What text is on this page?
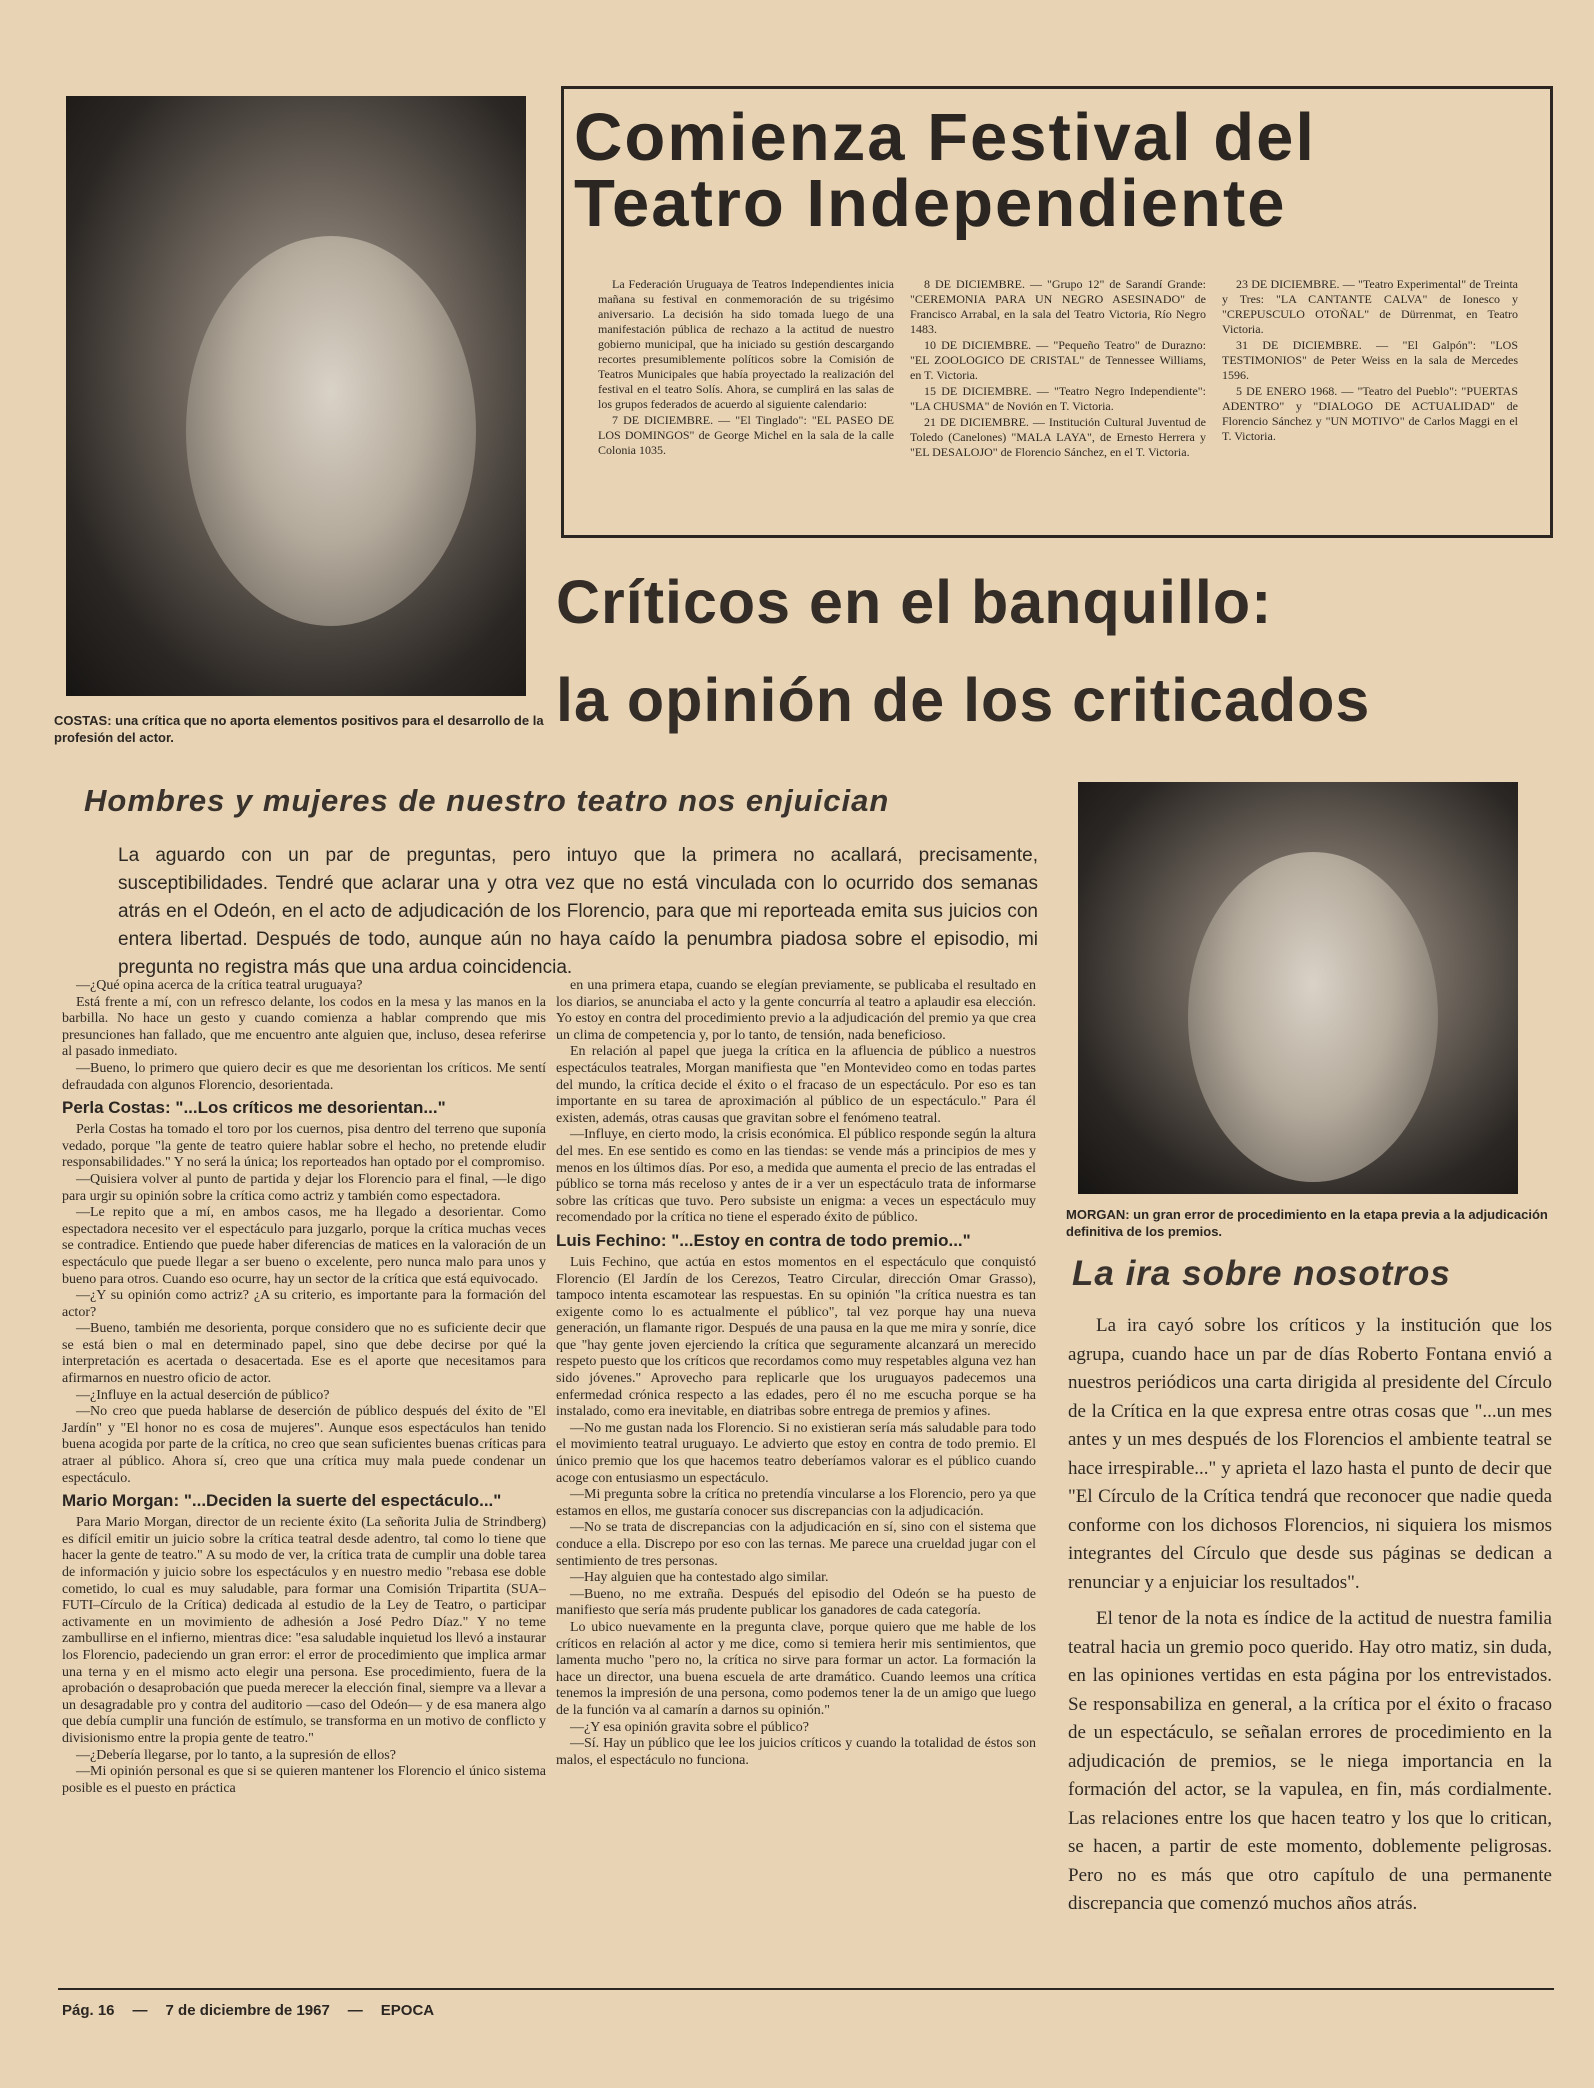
COSTAS: una crítica que no aporta elementos positivos para el desarrollo de la profesión del actor.
Comienza Festival del
Teatro Independiente

La Federación Uruguaya de Teatros Independientes inicia mañana su festival en conmemoración de su trigésimo aniversario. La decisión ha sido tomada luego de una manifestación pública de rechazo a la actitud de nuestro gobierno municipal, que ha iniciado su gestión descargando recortes presumiblemente políticos sobre la Comisión de Teatros Municipales que había proyectado la realización del festival en el teatro Solís. Ahora, se cumplirá en las salas de los grupos federados de acuerdo al siguiente calendario:

7 DE DICIEMBRE. — "El Tinglado": "EL PASEO DE LOS DOMINGOS" de George Michel en la sala de la calle Colonia 1035.

8 DE DICIEMBRE. — "Grupo 12" de Sarandí Grande: "CEREMONIA PARA UN NEGRO ASESINADO" de Francisco Arrabal, en la sala del Teatro Victoria, Río Negro 1483.

10 DE DICIEMBRE. — "Pequeño Teatro" de Durazno: "EL ZOOLOGICO DE CRISTAL" de Tennessee Williams, en T. Victoria.

15 DE DICIEMBRE. — "Teatro Negro Independiente": "LA CHUSMA" de Novión en T. Victoria.

21 DE DICIEMBRE. — Institución Cultural Juventud de Toledo (Canelones) "MALA LAYA", de Ernesto Herrera y "EL DESALOJO" de Florencio Sánchez, en el T. Victoria.

23 DE DICIEMBRE. — "Teatro Experimental" de Treinta y Tres: "LA CANTANTE CALVA" de Ionesco y "CREPUSCULO OTOÑAL" de Dürrenmat, en Teatro Victoria.

31 DE DICIEMBRE. — "El Galpón": "LOS TESTIMONIOS" de Peter Weiss en la sala de Mercedes 1596.

5 DE ENERO 1968. — "Teatro del Pueblo": "PUERTAS ADENTRO" y "DIALOGO DE ACTUALIDAD" de Florencio Sánchez y "UN MOTIVO" de Carlos Maggi en el T. Victoria.

Críticos en el banquillo:
la opinión de los criticados
Hombres y mujeres de nuestro teatro nos enjuician
La aguardo con un par de preguntas, pero intuyo que la primera no acallará, precisamente, susceptibilidades. Tendré que aclarar una y otra vez que no está vinculada con lo ocurrido dos semanas atrás en el Odeón, en el acto de adjudicación de los Florencio, para que mi reporteada emita sus juicios con entera libertad. Después de todo, aunque aún no haya caído la penumbra piadosa sobre el episodio, mi pregunta no registra más que una ardua coincidencia.
MORGAN: un gran error de procedimiento en la etapa previa a la adjudicación definitiva de los premios.

—¿Qué opina acerca de la crítica teatral uruguaya?

Está frente a mí, con un refresco delante, los codos en la mesa y las manos en la barbilla. No hace un gesto y cuando comienza a hablar comprendo que mis presunciones han fallado, que me encuentro ante alguien que, incluso, desea referirse al pasado inmediato.

—Bueno, lo primero que quiero decir es que me desorientan los críticos. Me sentí defraudada con algunos Florencio, desorientada.

Perla Costas: "...Los críticos me desorientan..."

Perla Costas ha tomado el toro por los cuernos, pisa dentro del terreno que suponía vedado, porque "la gente de teatro quiere hablar sobre el hecho, no pretende eludir responsabilidades." Y no será la única; los reporteados han optado por el compromiso.

—Quisiera volver al punto de partida y dejar los Florencio para el final, —le digo para urgir su opinión sobre la crítica como actriz y también como espectadora.

—Le repito que a mí, en ambos casos, me ha llegado a desorientar. Como espectadora necesito ver el espectáculo para juzgarlo, porque la crítica muchas veces se contradice. Entiendo que puede haber diferencias de matices en la valoración de un espectáculo que puede llegar a ser bueno o excelente, pero nunca malo para unos y bueno para otros. Cuando eso ocurre, hay un sector de la crítica que está equivocado.

—¿Y su opinión como actriz? ¿A su criterio, es importante para la formación del actor?

—Bueno, también me desorienta, porque considero que no es suficiente decir que se está bien o mal en determinado papel, sino que debe decirse por qué la interpretación es acertada o desacertada. Ese es el aporte que necesitamos para afirmarnos en nuestro oficio de actor.

—¿Influye en la actual deserción de público?

—No creo que pueda hablarse de deserción de público después del éxito de "El Jardín" y "El honor no es cosa de mujeres". Aunque esos espectáculos han tenido buena acogida por parte de la crítica, no creo que sean suficientes buenas críticas para atraer al público. Ahora sí, creo que una crítica muy mala puede condenar un espectáculo.

Mario Morgan: "...Deciden la suerte del espectáculo..."

Para Mario Morgan, director de un reciente éxito (La señorita Julia de Strindberg) es difícil emitir un juicio sobre la crítica teatral desde adentro, tal como lo tiene que hacer la gente de teatro." A su modo de ver, la crítica trata de cumplir una doble tarea de información y juicio sobre los espectáculos y en nuestro medio "rebasa ese doble cometido, lo cual es muy saludable, para formar una Comisión Tripartita (SUA–FUTI–Círculo de la Crítica) dedicada al estudio de la Ley de Teatro, o participar activamente en un movimiento de adhesión a José Pedro Díaz." Y no teme zambullirse en el infierno, mientras dice: "esa saludable inquietud los llevó a instaurar los Florencio, padeciendo un gran error: el error de procedimiento que implica armar una terna y en el mismo acto elegir una persona. Ese procedimiento, fuera de la aprobación o desaprobación que pueda merecer la elección final, siempre va a llevar a un desagradable pro y contra del auditorio —caso del Odeón— y de esa manera algo que debía cumplir una función de estímulo, se transforma en un motivo de conflicto y divisionismo entre la propia gente de teatro."

—¿Debería llegarse, por lo tanto, a la supresión de ellos?

—Mi opinión personal es que si se quieren mantener los Florencio el único sistema posible es el puesto en práctica

en una primera etapa, cuando se elegían previamente, se publicaba el resultado en los diarios, se anunciaba el acto y la gente concurría al teatro a aplaudir esa elección. Yo estoy en contra del procedimiento previo a la adjudicación del premio ya que crea un clima de competencia y, por lo tanto, de tensión, nada beneficioso.

En relación al papel que juega la crítica en la afluencia de público a nuestros espectáculos teatrales, Morgan manifiesta que "en Montevideo como en todas partes del mundo, la crítica decide el éxito o el fracaso de un espectáculo. Por eso es tan importante en su tarea de aproximación al público de un espectáculo." Para él existen, además, otras causas que gravitan sobre el fenómeno teatral.

—Influye, en cierto modo, la crisis económica. El público responde según la altura del mes. En ese sentido es como en las tiendas: se vende más a principios de mes y menos en los últimos días. Por eso, a medida que aumenta el precio de las entradas el público se torna más receloso y antes de ir a ver un espectáculo trata de informarse sobre las críticas que tuvo. Pero subsiste un enigma: a veces un espectáculo muy recomendado por la crítica no tiene el esperado éxito de público.

Luis Fechino: "...Estoy en contra de todo premio..."

Luis Fechino, que actúa en estos momentos en el espectáculo que conquistó Florencio (El Jardín de los Cerezos, Teatro Circular, dirección Omar Grasso), tampoco intenta escamotear las respuestas. En su opinión "la crítica nuestra es tan exigente como lo es actualmente el público", tal vez porque hay una nueva generación, un flamante rigor. Después de una pausa en la que me mira y sonríe, dice que "hay gente joven ejerciendo la crítica que seguramente alcanzará un merecido respeto puesto que los críticos que recordamos como muy respetables alguna vez han sido jóvenes." Aprovecho para replicarle que los uruguayos padecemos una enfermedad crónica respecto a las edades, pero él no me escucha porque se ha instalado, como era inevitable, en diatribas sobre entrega de premios y afines.

—No me gustan nada los Florencio. Si no existieran sería más saludable para todo el movimiento teatral uruguayo. Le advierto que estoy en contra de todo premio. El único premio que los que hacemos teatro deberíamos valorar es el público cuando acoge con entusiasmo un espectáculo.

—Mi pregunta sobre la crítica no pretendía vincularse a los Florencio, pero ya que estamos en ellos, me gustaría conocer sus discrepancias con la adjudicación.

—No se trata de discrepancias con la adjudicación en sí, sino con el sistema que conduce a ella. Discrepo por eso con las ternas. Me parece una crueldad jugar con el sentimiento de tres personas.

—Hay alguien que ha contestado algo similar.

—Bueno, no me extraña. Después del episodio del Odeón se ha puesto de manifiesto que sería más prudente publicar los ganadores de cada categoría.

Lo ubico nuevamente en la pregunta clave, porque quiero que me hable de los críticos en relación al actor y me dice, como si temiera herir mis sentimientos, que lamenta mucho "pero no, la crítica no sirve para formar un actor. La formación la hace un director, una buena escuela de arte dramático. Cuando leemos una crítica tenemos la impresión de una persona, como podemos tener la de un amigo que luego de la función va al camarín a darnos su opinión."

—¿Y esa opinión gravita sobre el público?

—Sí. Hay un público que lee los juicios críticos y cuando la totalidad de éstos son malos, el espectáculo no funciona.

La ira sobre nosotros

La ira cayó sobre los críticos y la institución que los agrupa, cuando hace un par de días Roberto Fontana envió a nuestros periódicos una carta dirigida al presidente del Círculo de la Crítica en la que expresa entre otras cosas que "...un mes antes y un mes después de los Florencios el ambiente teatral se hace irrespirable..." y aprieta el lazo hasta el punto de decir que "El Círculo de la Crítica tendrá que reconocer que nadie queda conforme con los dichosos Florencios, ni siquiera los mismos integrantes del Círculo que desde sus páginas se dedican a renunciar y a enjuiciar los resultados".

El tenor de la nota es índice de la actitud de nuestra familia teatral hacia un gremio poco querido. Hay otro matiz, sin duda, en las opiniones vertidas en esta página por los entrevistados. Se responsabiliza en general, a la crítica por el éxito o fracaso de un espectáculo, se señalan errores de procedimiento en la adjudicación de premios, se le niega importancia en la formación del actor, se la vapulea, en fin, más cordialmente. Las relaciones entre los que hacen teatro y los que lo critican, se hacen, a partir de este momento, doblemente peligrosas. Pero no es más que otro capítulo de una permanente discrepancia que comenzó muchos años atrás.

Pág. 16 — 7 de diciembre de 1967 — EPOCA
